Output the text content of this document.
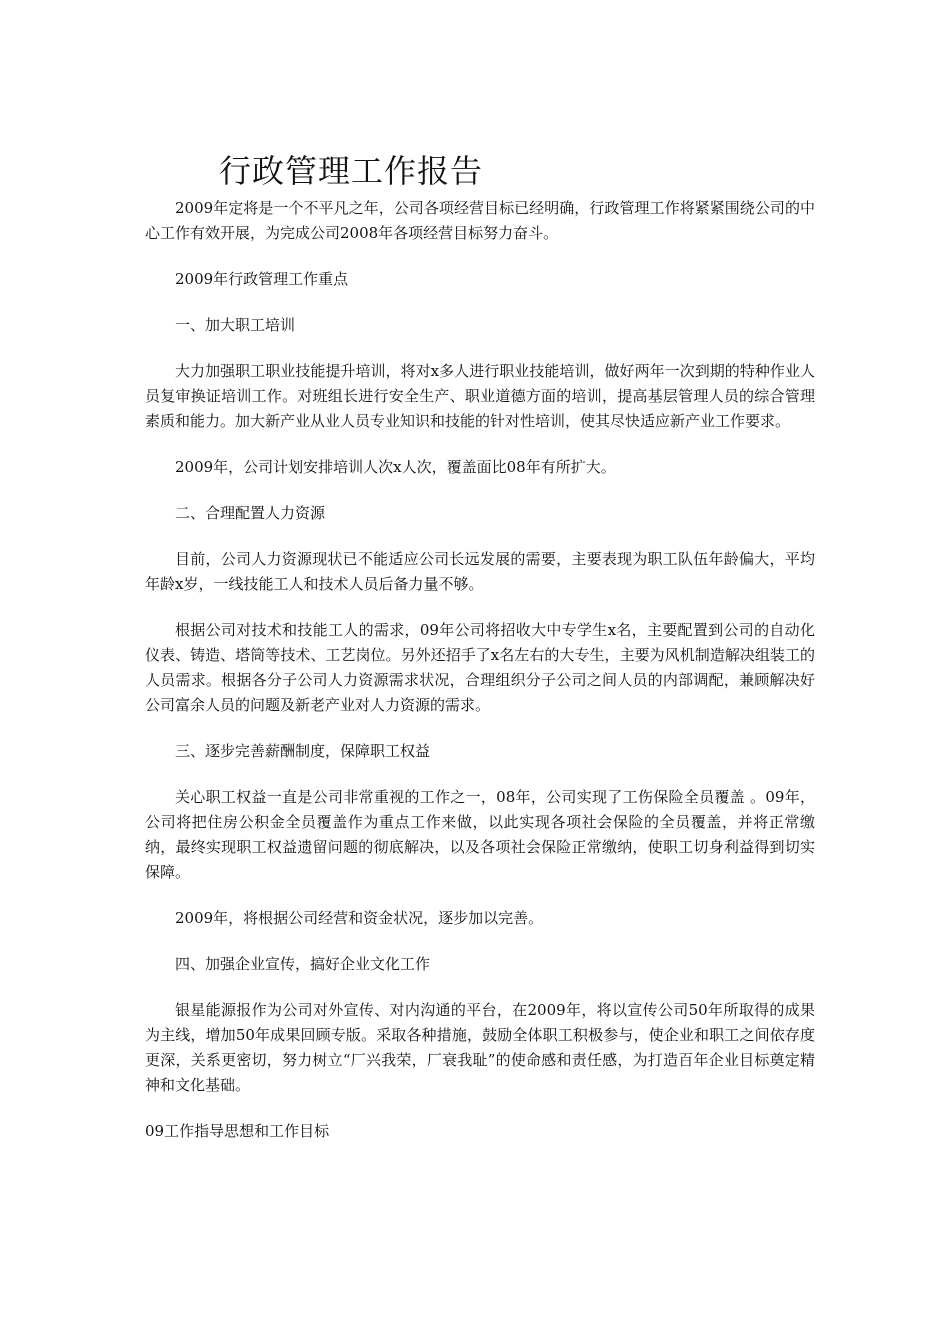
行政管理工作报告

2009年定将是一个不平凡之年，公司各项经营目标已经明确，行政管理工作将紧紧围绕公司的中心工作有效开展，为完成公司2008年各项经营目标努力奋斗。

2009年行政管理工作重点

一、加大职工培训

大力加强职工职业技能提升培训，将对x多人进行职业技能培训，做好两年一次到期的特种作业人员复审换证培训工作。对班组长进行安全生产、职业道德方面的培训，提高基层管理人员的综合管理素质和能力。加大新产业从业人员专业知识和技能的针对性培训，使其尽快适应新产业工作要求。

2009年，公司计划安排培训人次x人次，覆盖面比08年有所扩大。

二、合理配置人力资源

目前，公司人力资源现状已不能适应公司长远发展的需要，主要表现为职工队伍年龄偏大，平均年龄x岁，一线技能工人和技术人员后备力量不够。

根据公司对技术和技能工人的需求，09年公司将招收大中专学生x名，主要配置到公司的自动化仪表、铸造、塔筒等技术、工艺岗位。另外还招手了x名左右的大专生，主要为风机制造解决组装工的人员需求。根据各分子公司人力资源需求状况，合理组织分子公司之间人员的内部调配，兼顾解决好公司富余人员的问题及新老产业对人力资源的需求。

三、逐步完善薪酬制度，保障职工权益

关心职工权益一直是公司非常重视的工作之一，08年，公司实现了工伤保险全员覆盖 。09年，公司将把住房公积金全员覆盖作为重点工作来做，以此实现各项社会保险的全员覆盖，并将正常缴纳，最终实现职工权益遗留问题的彻底解决，以及各项社会保险正常缴纳，使职工切身利益得到切实保障。

2009年，将根据公司经营和资金状况，逐步加以完善。

四、加强企业宣传，搞好企业文化工作

银星能源报作为公司对外宣传、对内沟通的平台，在2009年，将以宣传公司50年所取得的成果为主线，增加50年成果回顾专版。采取各种措施，鼓励全体职工积极参与，使企业和职工之间依存度更深，关系更密切，努力树立“厂兴我荣，厂衰我耻”的使命感和责任感，为打造百年企业目标奠定精神和文化基础。

09工作指导思想和工作目标
